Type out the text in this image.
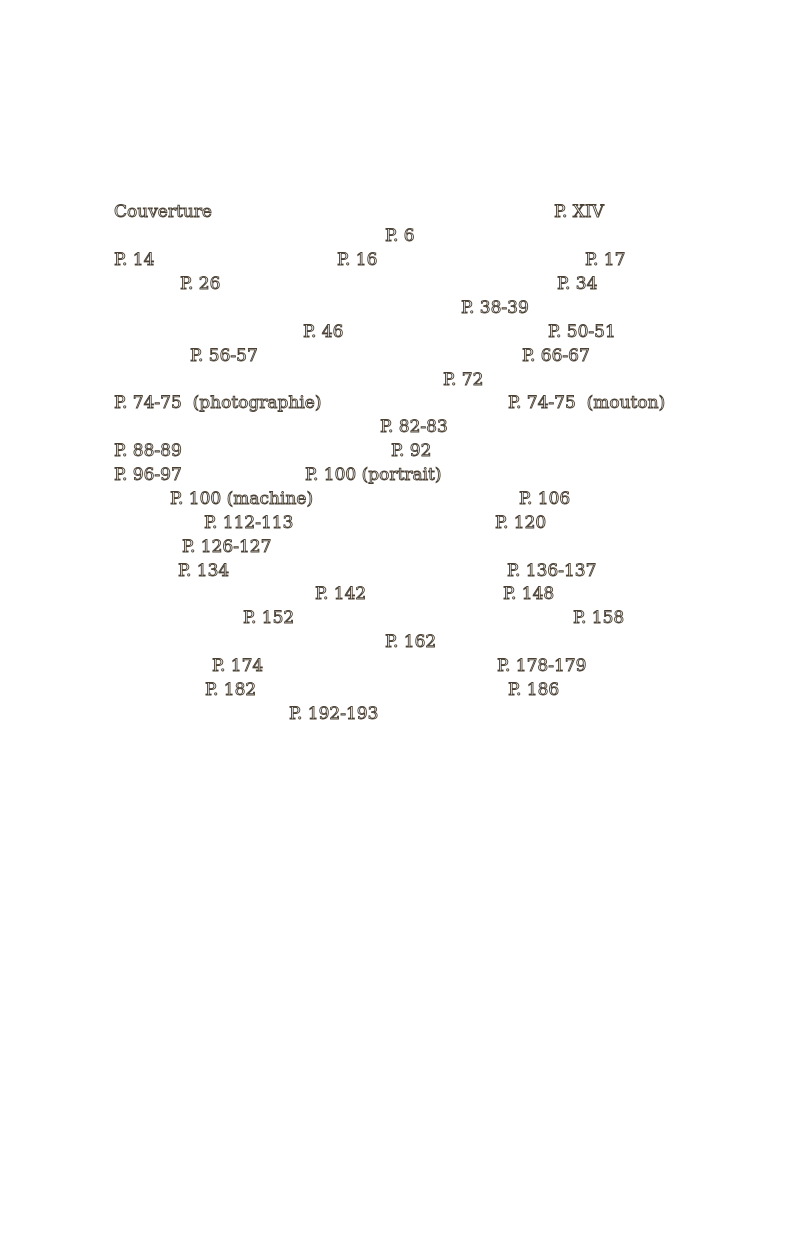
Couverture	P. XIV
P. 6
P. 14	P. 16	P. 17
P. 26	P. 34
P. 38-39
P. 46	P. 50-51
P. 56-57	P. 66-67
P. 72
P. 74-75  (photographie)	P. 74-75  (mouton)
P. 82-83
P. 88-89	P. 92
P. 96-97	P. 100 (portrait)
P. 100 (machine)	P. 106
P. 112-113	P. 120
P. 126-127
P. 134	P. 136-137
P. 142	P. 148
P. 152	P. 158
P. 162
P. 174	P. 178-179
P. 182	P. 186
P. 192-193
